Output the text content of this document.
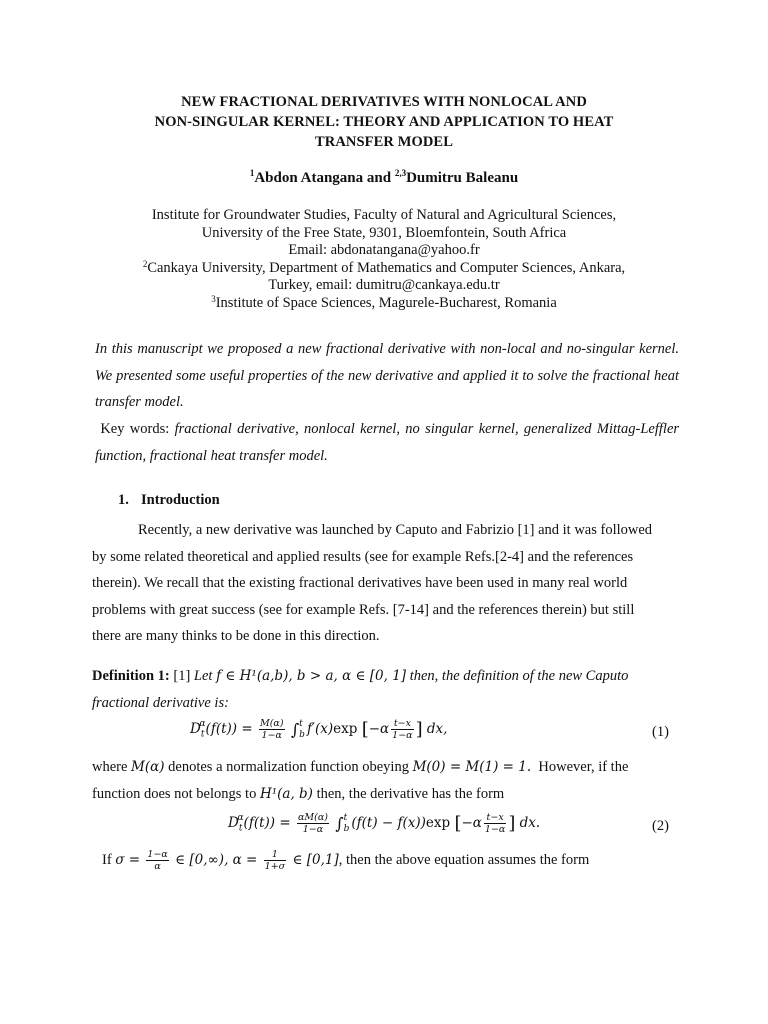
NEW FRACTIONAL DERIVATIVES WITH NONLOCAL AND
NON-SINGULAR KERNEL: THEORY AND APPLICATION TO HEAT
TRANSFER MODEL
$^1$Abdon Atangana and $^{2,3}$Dumitru Baleanu
Institute for Groundwater Studies, Faculty of Natural and Agricultural Sciences,
University of the Free State, 9301, Bloemfontein, South Africa
Email: abdonatangana@yahoo.fr
$^2$Cankaya University, Department of Mathematics and Computer Sciences, Ankara,
Turkey, email: dumitru@cankaya.edu.tr
$^3$Institute of Space Sciences, Magurele-Bucharest, Romania
In this manuscript we proposed a new fractional derivative with non-local and no-singular kernel. We presented some useful properties of the new derivative and applied it to solve the fractional heat transfer model.
Key words: fractional derivative, nonlocal kernel, no singular kernel, generalized Mittag-Leffler function, fractional heat transfer model.
1. Introduction
Recently, a new derivative was launched by Caputo and Fabrizio [1] and it was followed
by some related theoretical and applied results (see for example Refs.[2-4] and the references
therein). We recall that the existing fractional derivatives have been used in many real world
problems with great success (see for example Refs. [7-14] and the references therein) but still
there are many thinks to be done in this direction.
Definition 1: [1] Let f ∈ H¹(a,b), b > a, α ∈ [0, 1] then, the definition of the new Caputo
fractional derivative is:
$D_t^\alpha(f(t)) = \frac{M(\alpha)}{1-\alpha}$ ∫ t
b f′(x)exp [$-\alpha \frac{t-x}{1-\alpha}$ ] dx,	(1)
where M(α) denotes a normalization function obeying M(0) = M(1) = 1. However, if the
function does not belongs to H¹(a, b) then, the derivative has the form
$D_t^\alpha(f(t)) = \frac{\alpha M(\alpha)}{1-\alpha}$ ∫ t
b (f(t) − f(x))exp [$-\alpha \frac{t-x}{1-\alpha}$ ] dx.	(2)
If $\sigma = \frac{1-\alpha}{\alpha}$ ∈ [0,∞), $\alpha = \frac{1}{1+\sigma}$ ∈ [0,1], then the above equation assumes the form
